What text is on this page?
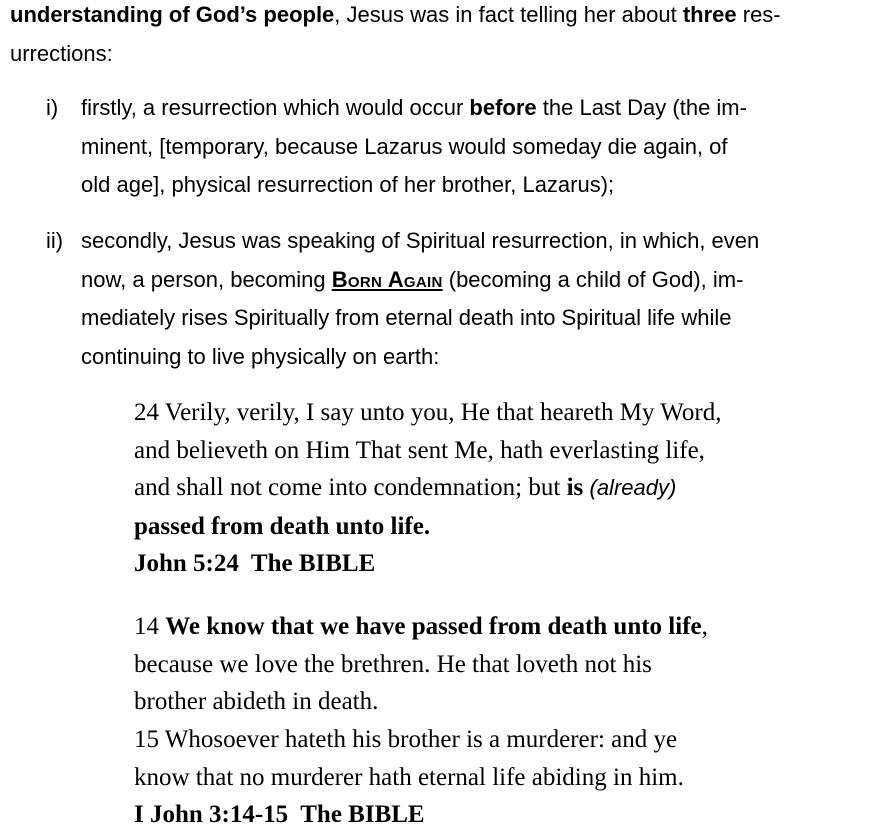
understanding of God’s people, Jesus was in fact telling her about three res-
urrections:
i) firstly, a resurrection which would occur before the Last Day (the im-
minent, [temporary, because Lazarus would someday die again, of
old age], physical resurrection of her brother, Lazarus);
ii) secondly, Jesus was speaking of Spiritual resurrection, in which, even
now, a person, becoming Born Again (becoming a child of God), im-
mediately rises Spiritually from eternal death into Spiritual life while
continuing to live physically on earth:
24 Verily, verily, I say unto you, He that heareth My Word,
and believeth on Him That sent Me, hath everlasting life,
and shall not come into condemnation; but is (already)
passed from death unto life.
John 5:24  The BIBLE
14 We know that we have passed from death unto life,
because we love the brethren. He that loveth not his
brother abideth in death.
15 Whosoever hateth his brother is a murderer: and ye
know that no murderer hath eternal life abiding in him.
I John 3:14-15  The BIBLE
